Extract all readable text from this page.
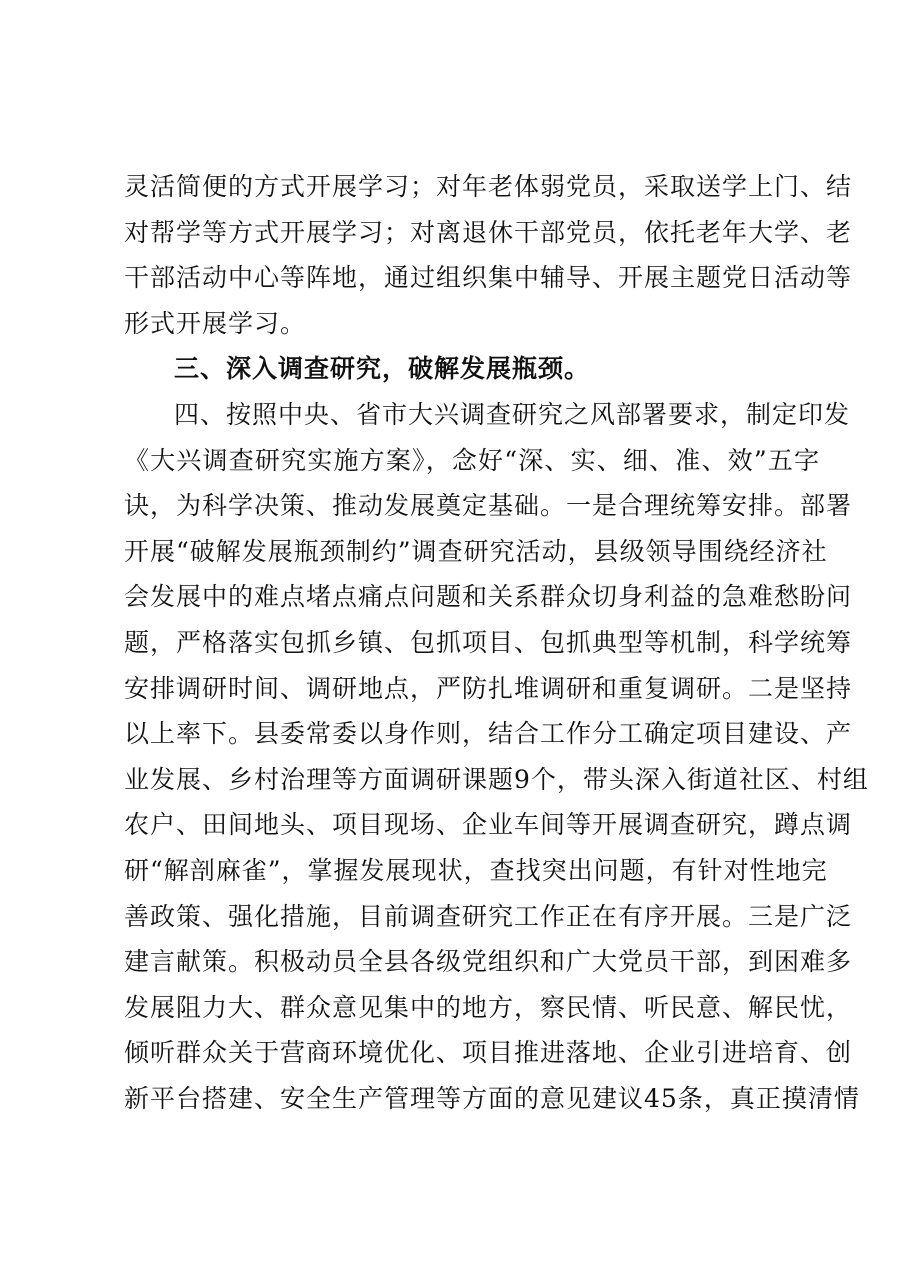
灵活简便的方式开展学习；对年老体弱党员，采取送学上门、结
对帮学等方式开展学习；对离退休干部党员，依托老年大学、老
干部活动中心等阵地，通过组织集中辅导、开展主题党日活动等
形式开展学习。
三、深入调查研究，破解发展瓶颈。
四、按照中央、省市大兴调查研究之风部署要求，制定印发
《大兴调查研究实施方案》，念好“深、实、细、准、效”五字
诀，为科学决策、推动发展奠定基础。一是合理统筹安排。部署
开展“破解发展瓶颈制约”调查研究活动，县级领导围绕经济社
会发展中的难点堵点痛点问题和关系群众切身利益的急难愁盼问
题，严格落实包抓乡镇、包抓项目、包抓典型等机制，科学统筹
安排调研时间、调研地点，严防扎堆调研和重复调研。二是坚持
以上率下。县委常委以身作则，结合工作分工确定项目建设、产
业发展、乡村治理等方面调研课题9个，带头深入街道社区、村组
农户、田间地头、项目现场、企业车间等开展调查研究，蹲点调
研“解剖麻雀”，掌握发展现状，查找突出问题，有针对性地完
善政策、强化措施，目前调查研究工作正在有序开展。三是广泛
建言献策。积极动员全县各级党组织和广大党员干部，到困难多
发展阻力大、群众意见集中的地方，察民情、听民意、解民忧，
倾听群众关于营商环境优化、项目推进落地、企业引进培育、创
新平台搭建、安全生产管理等方面的意见建议45条，真正摸清情
